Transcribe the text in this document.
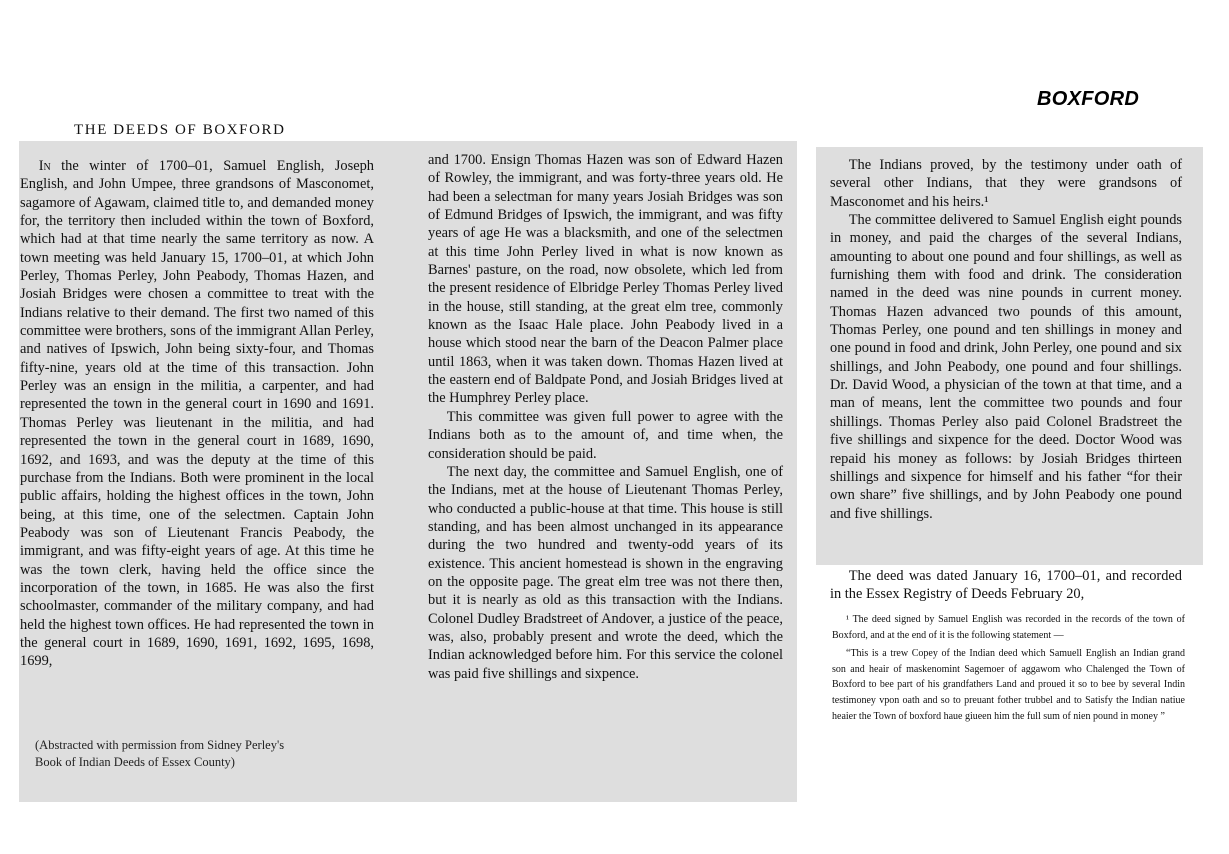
BOXFORD
THE DEEDS OF BOXFORD

In the winter of 1700–01, Samuel English, Joseph English, and John Umpee, three grandsons of Masconomet, sagamore of Agawam, claimed title to, and demanded money for, the territory then included within the town of Boxford, which had at that time nearly the same territory as now. A town meeting was held January 15, 1700–01, at which John Perley, Thomas Perley, John Peabody, Thomas Hazen, and Josiah Bridges were chosen a committee to treat with the Indians relative to their demand. The first two named of this committee were brothers, sons of the immigrant Allan Perley, and natives of Ipswich, John being sixty-four, and Thomas fifty-nine, years old at the time of this transaction. John Perley was an ensign in the militia, a carpenter, and had represented the town in the general court in 1690 and 1691. Thomas Perley was lieutenant in the militia, and had represented the town in the general court in 1689, 1690, 1692, and 1693, and was the deputy at the time of this purchase from the Indians. Both were prominent in the local public affairs, holding the highest offices in the town, John being, at this time, one of the selectmen. Captain John Peabody was son of Lieutenant Francis Peabody, the immigrant, and was fifty-eight years of age. At this time he was the town clerk, having held the office since the incorporation of the town, in 1685. He was also the first schoolmaster, commander of the military company, and had held the highest town offices. He had represented the town in the general court in 1689, 1690, 1691, 1692, 1695, 1698, 1699,

and 1700. Ensign Thomas Hazen was son of Edward Hazen of Rowley, the immigrant, and was forty-three years old. He had been a selectman for many years Josiah Bridges was son of Edmund Bridges of Ipswich, the immigrant, and was fifty years of age He was a blacksmith, and one of the selectmen at this time John Perley lived in what is now known as Barnes' pasture, on the road, now obsolete, which led from the present residence of Elbridge Perley Thomas Perley lived in the house, still standing, at the great elm tree, commonly known as the Isaac Hale place. John Peabody lived in a house which stood near the barn of the Deacon Palmer place until 1863, when it was taken down. Thomas Hazen lived at the eastern end of Baldpate Pond, and Josiah Bridges lived at the Humphrey Perley place.

This committee was given full power to agree with the Indians both as to the amount of, and time when, the consideration should be paid.

The next day, the committee and Samuel English, one of the Indians, met at the house of Lieutenant Thomas Perley, who conducted a public-house at that time. This house is still standing, and has been almost unchanged in its appearance during the two hundred and twenty-odd years of its existence. This ancient homestead is shown in the engraving on the opposite page. The great elm tree was not there then, but it is nearly as old as this transaction with the Indians. Colonel Dudley Bradstreet of Andover, a justice of the peace, was, also, probably present and wrote the deed, which the Indian acknowledged before him. For this service the colonel was paid five shillings and sixpence.

The Indians proved, by the testimony under oath of several other Indians, that they were grandsons of Masconomet and his heirs.¹

The committee delivered to Samuel English eight pounds in money, and paid the charges of the several Indians, amounting to about one pound and four shillings, as well as furnishing them with food and drink. The consideration named in the deed was nine pounds in current money. Thomas Hazen advanced two pounds of this amount, Thomas Perley, one pound and ten shillings in money and one pound in food and drink, John Perley, one pound and six shillings, and John Peabody, one pound and four shillings. Dr. David Wood, a physician of the town at that time, and a man of means, lent the committee two pounds and four shillings. Thomas Perley also paid Colonel Bradstreet the five shillings and sixpence for the deed. Doctor Wood was repaid his money as follows: by Josiah Bridges thirteen shillings and sixpence for himself and his father “for their own share” five shillings, and by John Peabody one pound and five shillings.

The deed was dated January 16, 1700–01, and recorded in the Essex Registry of Deeds February 20,

(Abstracted with permission from Sidney Perley's
Book of Indian Deeds of Essex County)

¹ The deed signed by Samuel English was recorded in the records of the town of Boxford, and at the end of it is the following statement —

“This is a trew Copey of the Indian deed which Samuell English an Indian grand son and heair of maskenomint Sagemoer of aggawom who Chalenged the Town of Boxford to bee part of his grandfathers Land and proued it so to bee by several Indin testimoney vpon oath and so to preuant fother trubbel and to Satisfy the Indian natiue heaier the Town of boxford haue giueen him the full sum of nien pound in money ”
